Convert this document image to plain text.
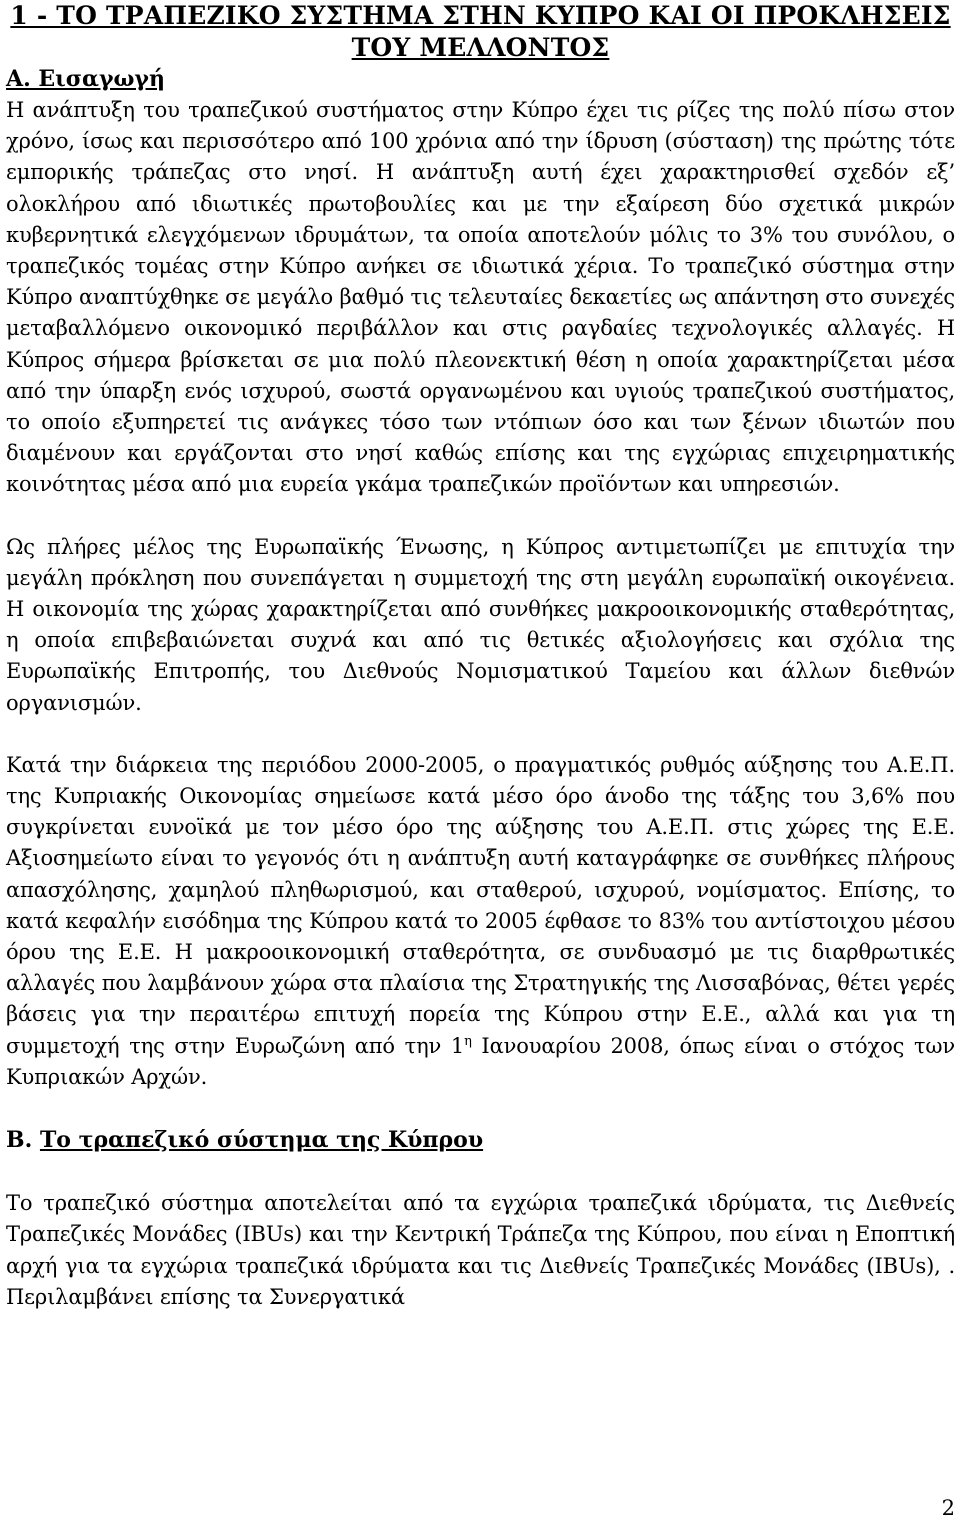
1 - ΤΟ ΤΡΑΠΕΖΙΚΟ ΣΥΣΤΗΜΑ ΣΤΗΝ ΚΥΠΡΟ ΚΑΙ ΟΙ ΠΡΟΚΛΗΣΕΙΣ ΤΟΥ ΜΕΛΛΟΝΤΟΣ
Α. Εισαγωγή

Η ανάπτυξη του τραπεζικού συστήματος στην Κύπρο έχει τις ρίζες της πολύ πίσω στον χρόνο, ίσως και περισσότερο από 100 χρόνια από την ίδρυση (σύσταση) της πρώτης τότε εμπορικής τράπεζας στο νησί. Η ανάπτυξη αυτή έχει χαρακτηρισθεί σχεδόν εξ’ ολοκλήρου από ιδιωτικές πρωτοβουλίες και με την εξαίρεση δύο σχετικά μικρών κυβερνητικά ελεγχόμενων ιδρυμάτων, τα οποία αποτελούν μόλις το 3% του συνόλου, ο τραπεζικός τομέας στην Κύπρο ανήκει σε ιδιωτικά χέρια. Το τραπεζικό σύστημα στην Κύπρο αναπτύχθηκε σε μεγάλο βαθμό τις τελευταίες δεκαετίες ως απάντηση στο συνεχές μεταβαλλόμενο οικονομικό περιβάλλον και στις ραγδαίες τεχνολογικές αλλαγές. Η Κύπρος σήμερα βρίσκεται σε μια πολύ πλεονεκτική θέση η οποία χαρακτηρίζεται μέσα από την ύπαρξη ενός ισχυρού, σωστά οργανωμένου και υγιούς τραπεζικού συστήματος, το οποίο εξυπηρετεί τις ανάγκες τόσο των ντόπιων όσο και των ξένων ιδιωτών που διαμένουν και εργάζονται στο νησί καθώς επίσης και της εγχώριας επιχειρηματικής κοινότητας μέσα από μια ευρεία γκάμα τραπεζικών προϊόντων και υπηρεσιών.

Ως πλήρες μέλος της Ευρωπαϊκής Ένωσης, η Κύπρος αντιμετωπίζει με επιτυχία την μεγάλη πρόκληση που συνεπάγεται η συμμετοχή της στη μεγάλη ευρωπαϊκή οικογένεια. Η οικονομία της χώρας χαρακτηρίζεται από συνθήκες μακροοικονομικής σταθερότητας, η οποία επιβεβαιώνεται συχνά και από τις θετικές αξιολογήσεις και σχόλια της Ευρωπαϊκής Επιτροπής, του Διεθνούς Νομισματικού Ταμείου και άλλων διεθνών οργανισμών.

Κατά την διάρκεια της περιόδου 2000-2005, ο πραγματικός ρυθμός αύξησης του Α.Ε.Π. της Κυπριακής Οικονομίας σημείωσε κατά μέσο όρο άνοδο της τάξης του 3,6% που συγκρίνεται ευνοϊκά με τον μέσο όρο της αύξησης του Α.Ε.Π. στις χώρες της Ε.Ε. Αξιοσημείωτο είναι το γεγονός ότι η ανάπτυξη αυτή καταγράφηκε σε συνθήκες πλήρους απασχόλησης, χαμηλού πληθωρισμού, και σταθερού, ισχυρού, νομίσματος. Επίσης, το κατά κεφαλήν εισόδημα της Κύπρου κατά το 2005 έφθασε το 83% του αντίστοιχου μέσου όρου της Ε.Ε. Η μακροοικονομική σταθερότητα, σε συνδυασμό με τις διαρθρωτικές αλλαγές που λαμβάνουν χώρα στα πλαίσια της Στρατηγικής της Λισσαβόνας, θέτει γερές βάσεις για την περαιτέρω επιτυχή πορεία της Κύπρου στην Ε.Ε., αλλά και για τη συμμετοχή της στην Ευρωζώνη από την $1^\eta$ Ιανουαρίου 2008, όπως είναι ο στόχος των Κυπριακών Αρχών.

Β. Το τραπεζικό σύστημα της Κύπρου

Το τραπεζικό σύστημα αποτελείται από τα εγχώρια τραπεζικά ιδρύματα, τις Διεθνείς Τραπεζικές Μονάδες (IBUs) και την Κεντρική Τράπεζα της Κύπρου, που είναι η Εποπτική αρχή για τα εγχώρια τραπεζικά ιδρύματα και τις Διεθνείς Τραπεζικές Μονάδες (IBUs), . Περιλαμβάνει επίσης τα Συνεργατικά

2
